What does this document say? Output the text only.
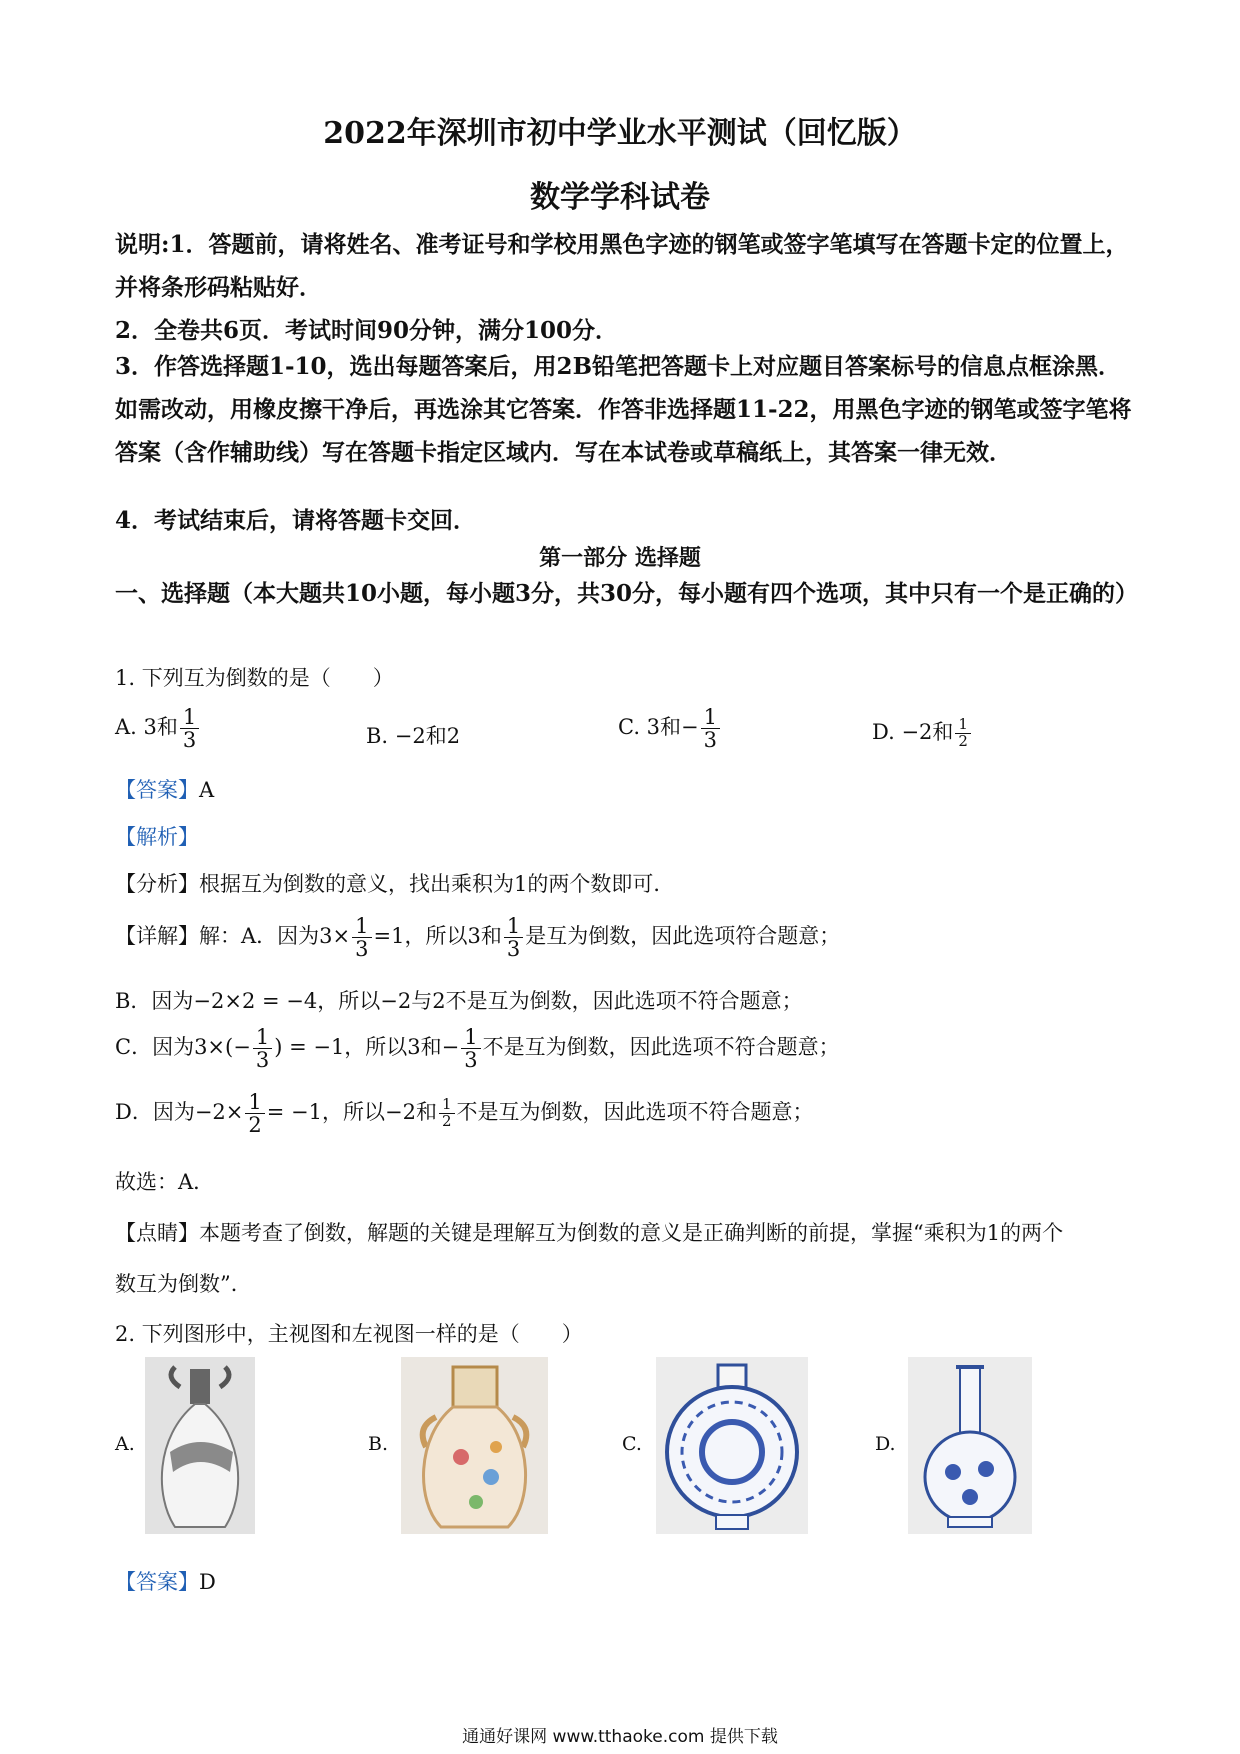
2022年深圳市初中学业水平测试（回忆版）
数学学科试卷
说明:1．答题前，请将姓名、准考证号和学校用黑色字迹的钢笔或签字笔填写在答题卡定的位置上，并将条形码粘贴好．
2．全卷共6页．考试时间90分钟，满分100分．
3．作答选择题1-10，选出每题答案后，用2B铅笔把答题卡上对应题目答案标号的信息点框涂黑．如需改动，用橡皮擦干净后，再选涂其它答案．作答非选择题11-22，用黑色字迹的钢笔或签字笔将答案（含作辅助线）写在答题卡指定区域内．写在本试卷或草稿纸上，其答案一律无效．
4．考试结束后，请将答题卡交回．
第一部分 选择题
一、选择题（本大题共10小题，每小题3分，共30分，每小题有四个选项，其中只有一个是正确的）
1. 下列互为倒数的是（　　）
A. 3和 $\frac{1}{3}$	B. −2和2	C. 3和− $\frac{1}{3}$	D. −2和 $\frac{1}{2}$
【答案】A
【解析】
【分析】根据互为倒数的意义，找出乘积为1的两个数即可．
【详解】解：A．因为$3\times \frac{1}{3} =1$，所以3和 $\frac{1}{3}$ 是互为倒数，因此选项符合题意；
B．因为−2×2 = −4，所以−2与2不是互为倒数，因此选项不符合题意；
C．因为$3\times(- \frac{1}{3}$ ) = −1，所以3和− $\frac{1}{3}$ 不是互为倒数，因此选项不符合题意；
D．因为$-2\times \frac{1}{2} = -1$，所以−2和 $\frac{1}{2}$ 不是互为倒数，因此选项不符合题意；
故选：A．
【点睛】本题考查了倒数，解题的关键是理解互为倒数的意义是正确判断的前提，掌握“乘积为1的两个
数互为倒数”．
2. 下列图形中，主视图和左视图一样的是（　　）
A.	B.	C.	D.
【答案】D
通通好课网 www.tthaoke.com 提供下载
